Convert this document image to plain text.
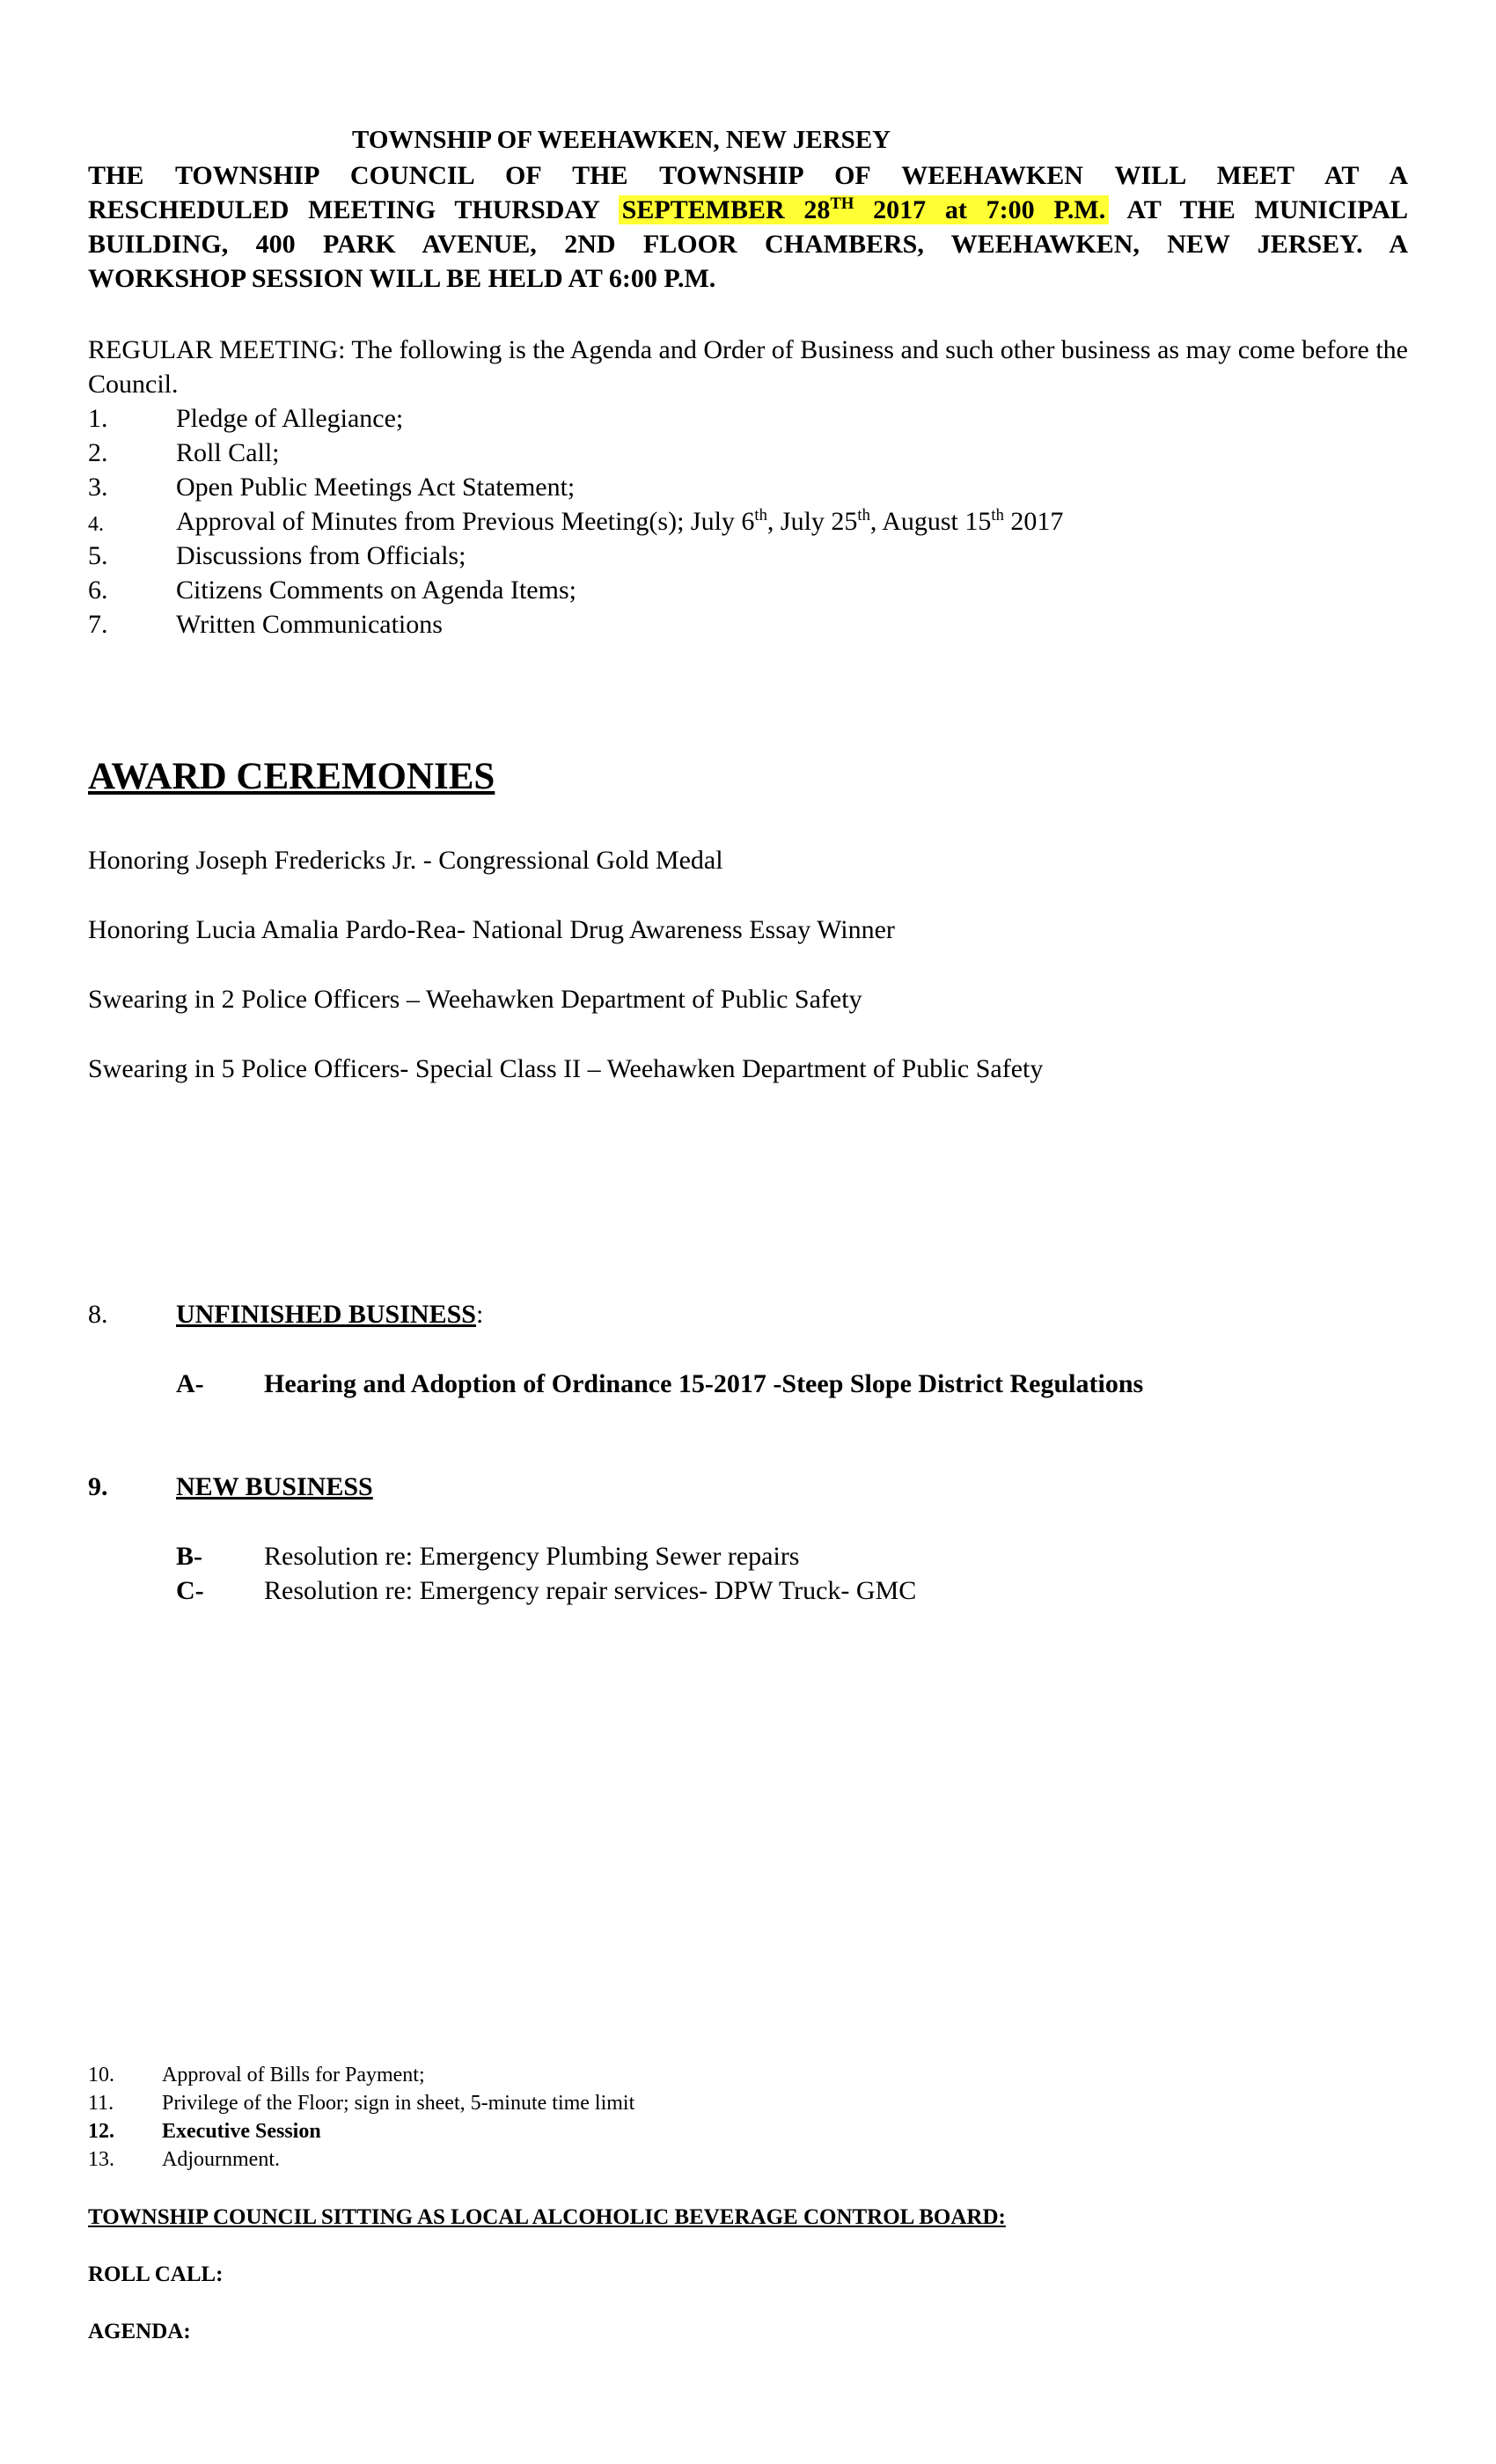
TOWNSHIP OF WEEHAWKEN, NEW JERSEY
THE TOWNSHIP COUNCIL OF THE TOWNSHIP OF WEEHAWKEN WILL MEET AT A
RESCHEDULED MEETING THURSDAY SEPTEMBER 28TH 2017 at 7:00 P.M. AT THE MUNICIPAL
BUILDING, 400 PARK AVENUE, 2ND FLOOR CHAMBERS, WEEHAWKEN, NEW JERSEY. A
WORKSHOP SESSION WILL BE HELD AT 6:00 P.M.
REGULAR MEETING: The following is the Agenda and Order of Business and such other business as may come before the Council.
1.	Pledge of Allegiance;
2.	Roll Call;
3.	Open Public Meetings Act Statement;
4.	Approval of Minutes from Previous Meeting(s); July 6th, July 25th, August 15th 2017
5.	Discussions from Officials;
6.	Citizens Comments on Agenda Items;
7.	Written Communications
AWARD CEREMONIES
Honoring Joseph Fredericks Jr. - Congressional Gold Medal
Honoring Lucia Amalia Pardo-Rea- National Drug Awareness Essay Winner
Swearing in 2 Police Officers – Weehawken Department of Public Safety
Swearing in 5 Police Officers- Special Class II – Weehawken Department of Public Safety
8.	UNFINISHED BUSINESS:
A- Hearing and Adoption of Ordinance 15-2017 -Steep Slope District Regulations
9.	NEW BUSINESS
B- Resolution re: Emergency Plumbing Sewer repairs
C- Resolution re: Emergency repair services- DPW Truck- GMC
10. Approval of Bills for Payment;
11. Privilege of the Floor; sign in sheet, 5-minute time limit
12. Executive Session
13. Adjournment.
TOWNSHIP COUNCIL SITTING AS LOCAL ALCOHOLIC BEVERAGE CONTROL BOARD:
ROLL CALL:
AGENDA:
